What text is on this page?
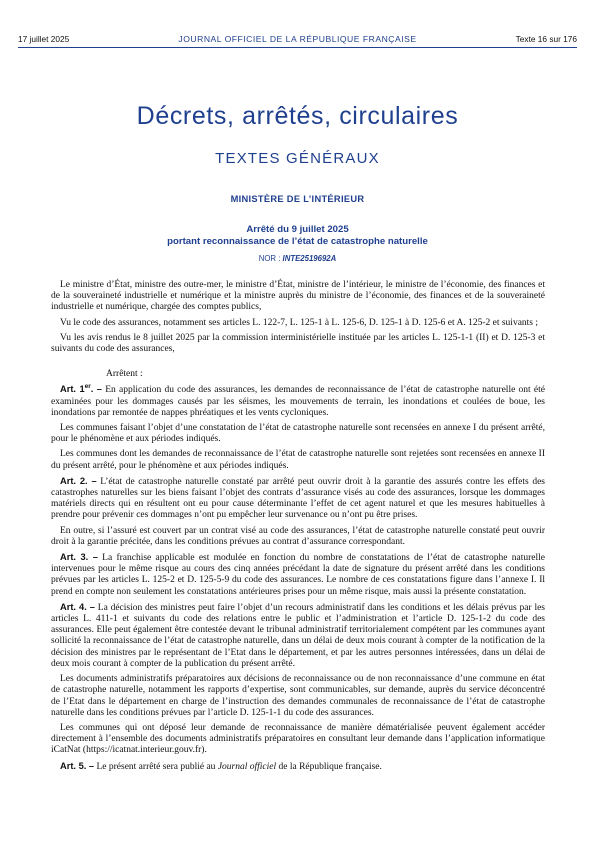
17 juillet 2025	JOURNAL OFFICIEL DE LA RÉPUBLIQUE FRANÇAISE	Texte 16 sur 176
Décrets, arrêtés, circulaires
TEXTES GÉNÉRAUX
MINISTÈRE DE L’INTÉRIEUR
Arrêté du 9 juillet 2025
portant reconnaissance de l’état de catastrophe naturelle
NOR : INTE2519692A

Le ministre d’État, ministre des outre-mer, le ministre d’État, ministre de l’intérieur, le ministre de l’économie, des finances et de la souveraineté industrielle et numérique et la ministre auprès du ministre de l’économie, des finances et de la souveraineté industrielle et numérique, chargée des comptes publics,

Vu le code des assurances, notamment ses articles L. 122-7, L. 125-1 à L. 125-6, D. 125-1 à D. 125-6 et A. 125-2 et suivants ;

Vu les avis rendus le 8 juillet 2025 par la commission interministérielle instituée par les articles L. 125-1-1 (II) et D. 125-3 et suivants du code des assurances,

Arrêtent :

Art. 1er. – En application du code des assurances, les demandes de reconnaissance de l’état de catastrophe naturelle ont été examinées pour les dommages causés par les séismes, les mouvements de terrain, les inondations et coulées de boue, les inondations par remontée de nappes phréatiques et les vents cycloniques.

Les communes faisant l’objet d’une constatation de l’état de catastrophe naturelle sont recensées en annexe I du présent arrêté, pour le phénomène et aux périodes indiqués.

Les communes dont les demandes de reconnaissance de l’état de catastrophe naturelle sont rejetées sont recensées en annexe II du présent arrêté, pour le phénomène et aux périodes indiqués.

Art. 2. – L’état de catastrophe naturelle constaté par arrêté peut ouvrir droit à la garantie des assurés contre les effets des catastrophes naturelles sur les biens faisant l’objet des contrats d’assurance visés au code des assurances, lorsque les dommages matériels directs qui en résultent ont eu pour cause déterminante l’effet de cet agent naturel et que les mesures habituelles à prendre pour prévenir ces dommages n’ont pu empêcher leur survenance ou n’ont pu être prises.

En outre, si l’assuré est couvert par un contrat visé au code des assurances, l’état de catastrophe naturelle constaté peut ouvrir droit à la garantie précitée, dans les conditions prévues au contrat d’assurance correspondant.

Art. 3. – La franchise applicable est modulée en fonction du nombre de constatations de l’état de catastrophe naturelle intervenues pour le même risque au cours des cinq années précédant la date de signature du présent arrêté dans les conditions prévues par les articles L. 125-2 et D. 125-5-9 du code des assurances. Le nombre de ces constatations figure dans l’annexe I. Il prend en compte non seulement les constatations antérieures prises pour un même risque, mais aussi la présente constatation.

Art. 4. – La décision des ministres peut faire l’objet d’un recours administratif dans les conditions et les délais prévus par les articles L. 411-1 et suivants du code des relations entre le public et l’administration et l’article D. 125-1-2 du code des assurances. Elle peut également être contestée devant le tribunal administratif territorialement compétent par les communes ayant sollicité la reconnaissance de l’état de catastrophe naturelle, dans un délai de deux mois courant à compter de la notification de la décision des ministres par le représentant de l’Etat dans le département, et par les autres personnes intéressées, dans un délai de deux mois courant à compter de la publication du présent arrêté.

Les documents administratifs préparatoires aux décisions de reconnaissance ou de non reconnaissance d’une commune en état de catastrophe naturelle, notamment les rapports d’expertise, sont communicables, sur demande, auprès du service déconcentré de l’Etat dans le département en charge de l’instruction des demandes communales de reconnaissance de l’état de catastrophe naturelle dans les conditions prévues par l’article D. 125-1-1 du code des assurances.

Les communes qui ont déposé leur demande de reconnaissance de manière dématérialisée peuvent également accéder directement à l’ensemble des documents administratifs préparatoires en consultant leur demande dans l’application informatique iCatNat (https://icatnat.interieur.gouv.fr).

Art. 5. – Le présent arrêté sera publié au Journal officiel de la République française.
